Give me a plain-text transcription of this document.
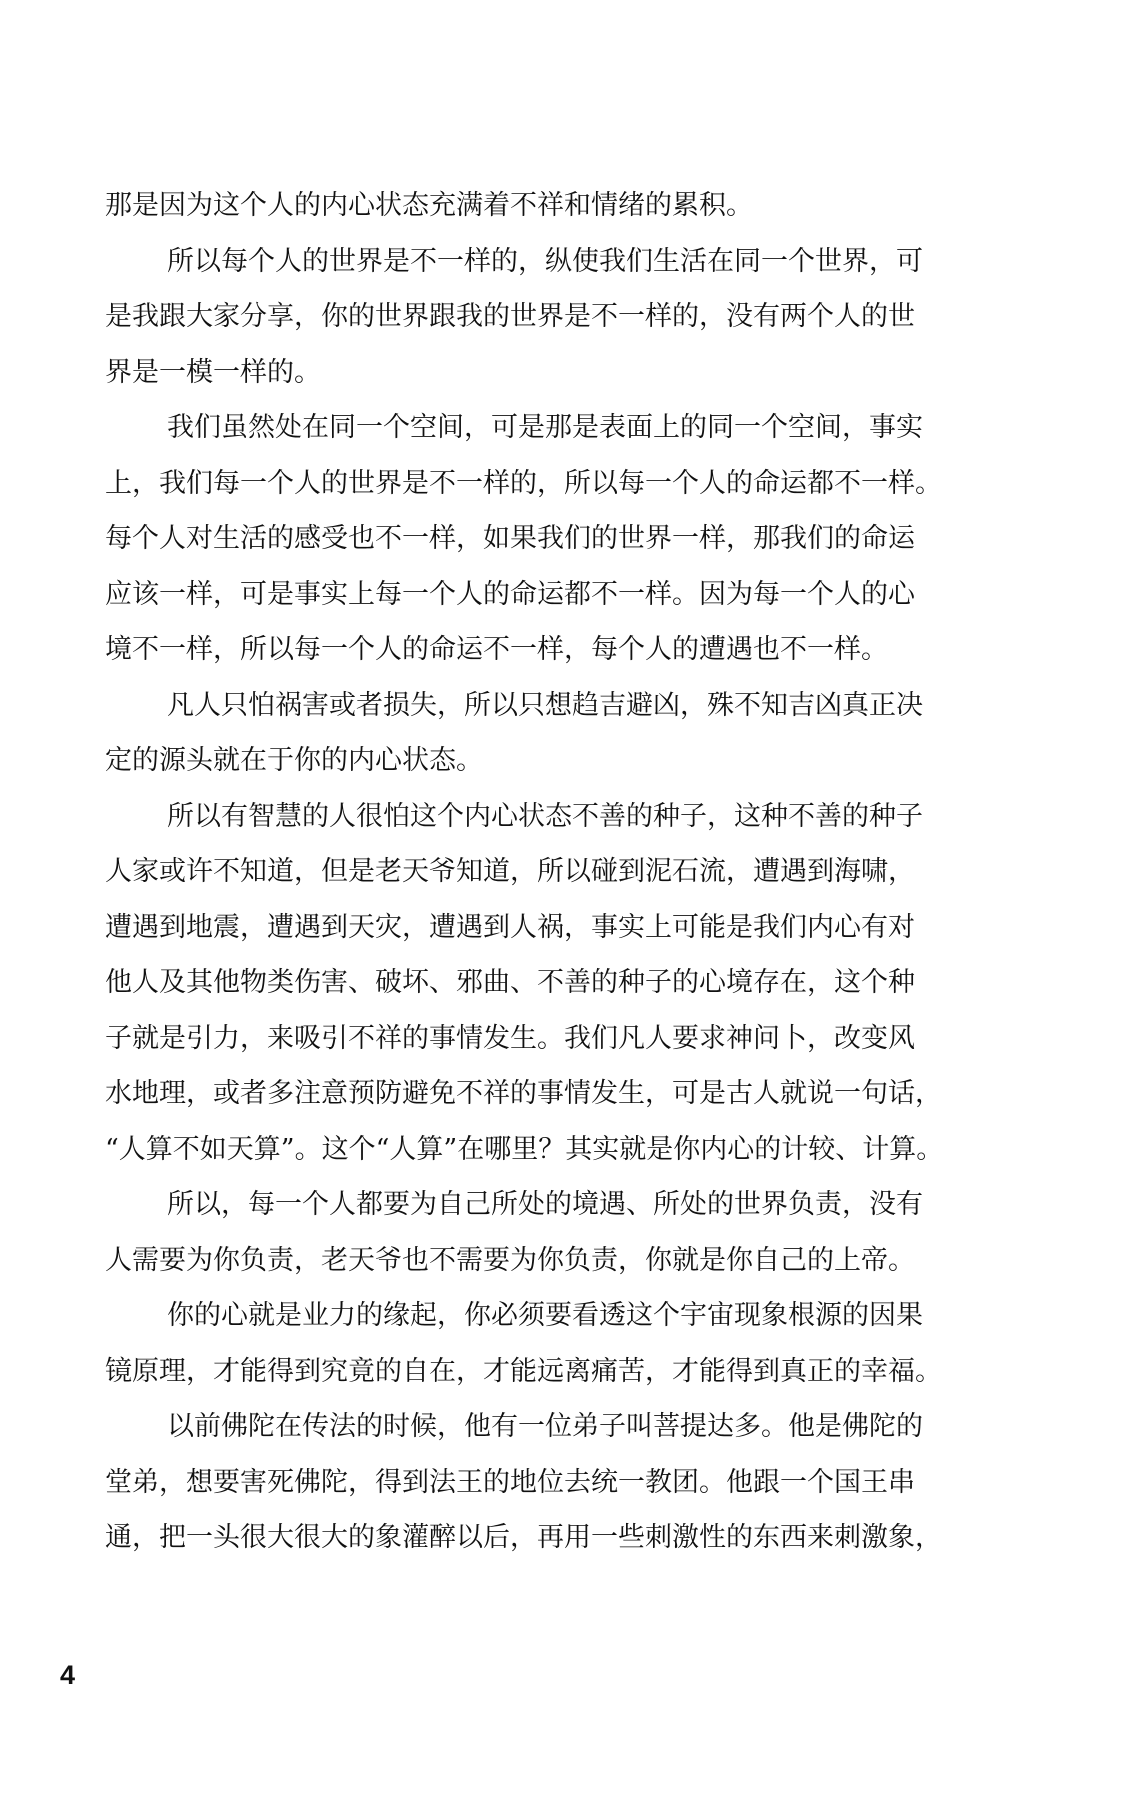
那是因为这个人的内心状态充满着不祥和情绪的累积。
所以每个人的世界是不一样的，纵使我们生活在同一个世界，可
是我跟大家分享，你的世界跟我的世界是不一样的，没有两个人的世
界是一模一样的。
我们虽然处在同一个空间，可是那是表面上的同一个空间，事实
上，我们每一个人的世界是不一样的，所以每一个人的命运都不一样。
每个人对生活的感受也不一样，如果我们的世界一样，那我们的命运
应该一样，可是事实上每一个人的命运都不一样。因为每一个人的心
境不一样，所以每一个人的命运不一样，每个人的遭遇也不一样。
凡人只怕祸害或者损失，所以只想趋吉避凶，殊不知吉凶真正决
定的源头就在于你的内心状态。
所以有智慧的人很怕这个内心状态不善的种子，这种不善的种子
人家或许不知道，但是老天爷知道，所以碰到泥石流，遭遇到海啸，
遭遇到地震，遭遇到天灾，遭遇到人祸，事实上可能是我们内心有对
他人及其他物类伤害、破坏、邪曲、不善的种子的心境存在，这个种
子就是引力，来吸引不祥的事情发生。我们凡人要求神问卜，改变风
水地理，或者多注意预防避免不祥的事情发生，可是古人就说一句话，
“人算不如天算”。这个“人算”在哪里？其实就是你内心的计较、计算。
所以，每一个人都要为自己所处的境遇、所处的世界负责，没有
人需要为你负责，老天爷也不需要为你负责，你就是你自己的上帝。
你的心就是业力的缘起，你必须要看透这个宇宙现象根源的因果
镜原理，才能得到究竟的自在，才能远离痛苦，才能得到真正的幸福。
以前佛陀在传法的时候，他有一位弟子叫菩提达多。他是佛陀的
堂弟，想要害死佛陀，得到法王的地位去统一教团。他跟一个国王串
通，把一头很大很大的象灌醉以后，再用一些刺激性的东西来刺激象，
4
